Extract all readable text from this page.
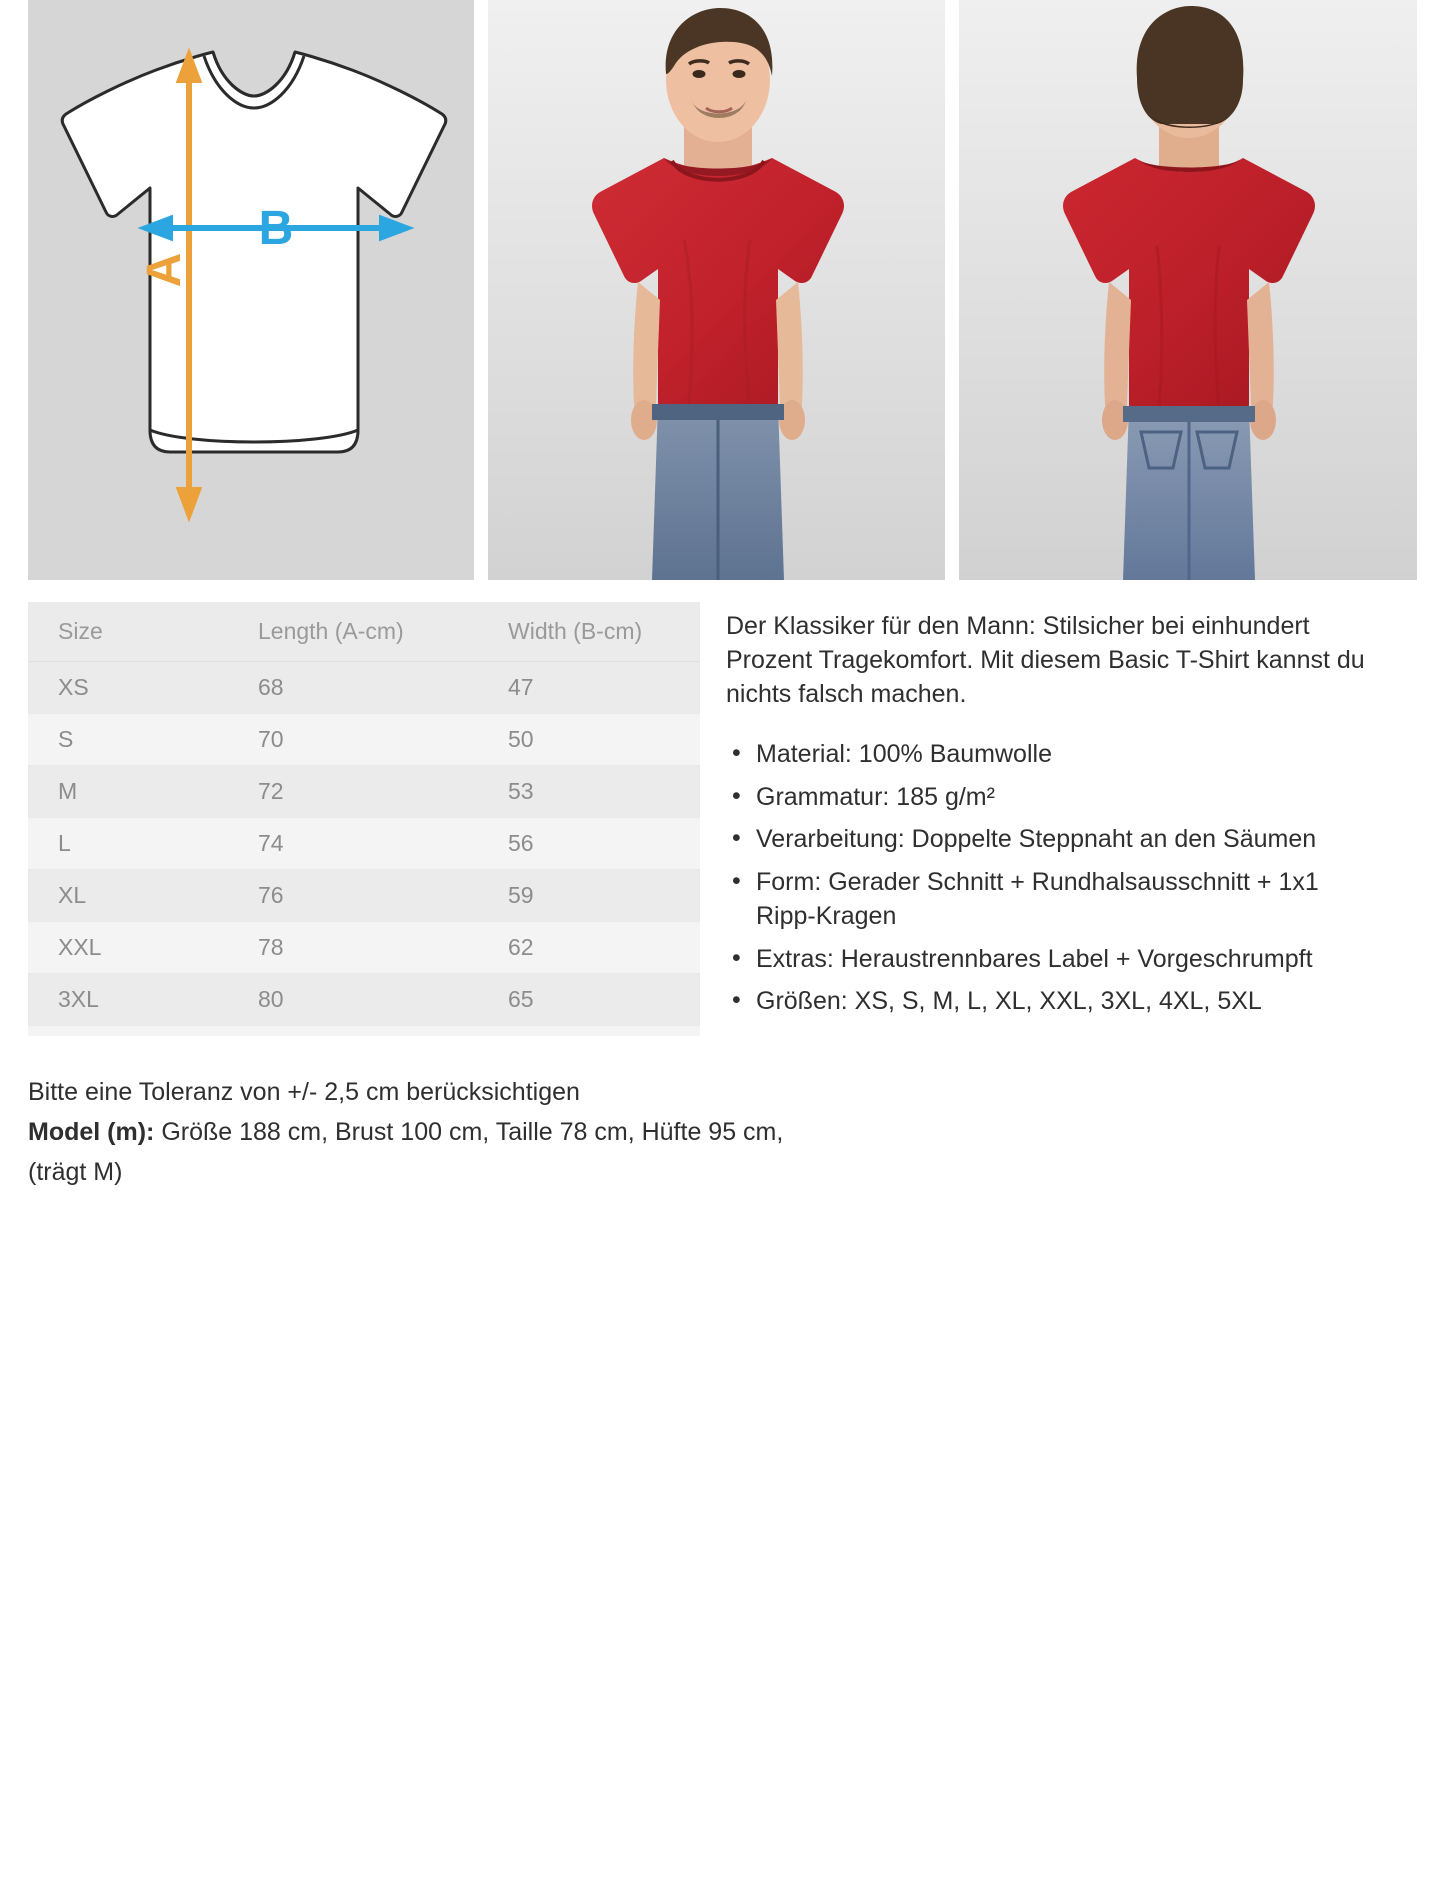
A
B
Size	Length (A-cm)	Width (B-cm)
XS	68	47
S	70	50
M	72	53
L	74	56
XL	76	59
XXL	78	62
3XL	80	65

Der Klassiker für den Mann: Stilsicher bei einhundert Prozent Tragekomfort. Mit diesem Basic T-Shirt kannst du nichts falsch machen.

• Material: 100% Baumwolle
• Grammatur: 185 g/m²
• Verarbeitung: Doppelte Steppnaht an den Säumen
• Form: Gerader Schnitt + Rundhalsausschnitt + 1x1 Ripp-Kragen
• Extras: Heraustrennbares Label + Vorgeschrumpft
• Größen: XS, S, M, L, XL, XXL, 3XL, 4XL, 5XL
Bitte eine Toleranz von +/- 2,5 cm berücksichtigen
Model (m): Größe 188 cm, Brust 100 cm, Taille 78 cm, Hüfte 95 cm, (trägt M)
